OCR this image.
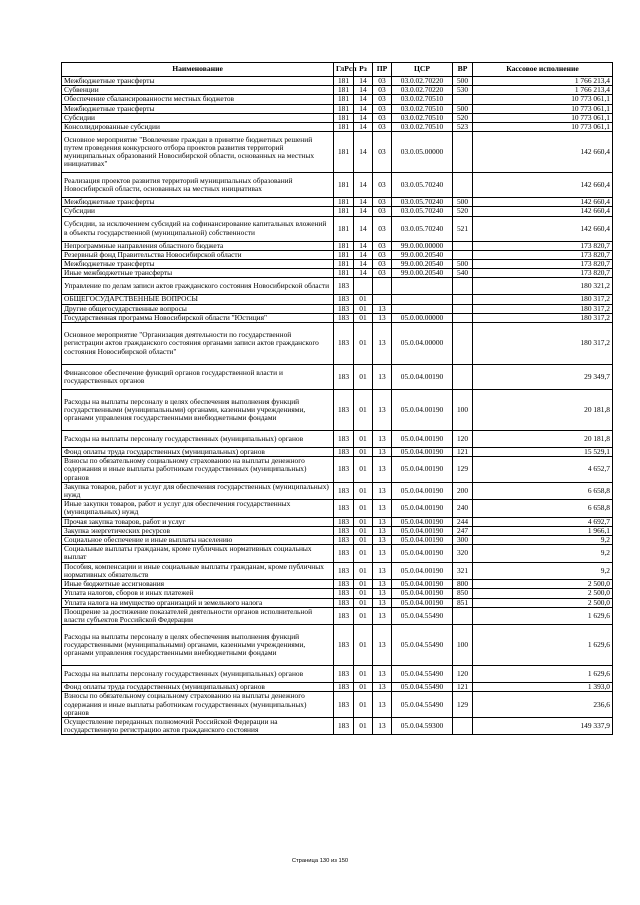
Наименование	ГлРсп	Рз	ПР	ЦСР	ВР	Кассовое исполнение
Межбюджетные трансферты	181	14	03	03.0.02.70220	500	1 766 213,4
Субвенции	181	14	03	03.0.02.70220	530	1 766 213,4
Обеспечение сбалансированности местных бюджетов	181	14	03	03.0.02.70510		10 773 061,1
Межбюджетные трансферты	181	14	03	03.0.02.70510	500	10 773 061,1
Субсидии	181	14	03	03.0.02.70510	520	10 773 061,1
Консолидированные субсидии	181	14	03	03.0.02.70510	523	10 773 061,1
Основное мероприятие "Вовлечение граждан в принятие бюджетных решений путем проведения конкурсного отбора проектов развития территорий муниципальных образований Новосибирской области, основанных на местных инициативах"	181	14	03	03.0.05.00000		142 660,4
Реализация проектов развития территорий муниципальных образований Новосибирской области, основанных на местных инициативах	181	14	03	03.0.05.70240		142 660,4
Межбюджетные трансферты	181	14	03	03.0.05.70240	500	142 660,4
Субсидии	181	14	03	03.0.05.70240	520	142 660,4
Субсидии, за исключением субсидий на софинансирование капитальных вложений в объекты государственной (муниципальной) собственности	181	14	03	03.0.05.70240	521	142 660,4
Непрограммные направления областного бюджета	181	14	03	99.0.00.00000		173 820,7
Резервный фонд Правительства Новосибирской области	181	14	03	99.0.00.20540		173 820,7
Межбюджетные трансферты	181	14	03	99.0.00.20540	500	173 820,7
Иные межбюджетные трансферты	181	14	03	99.0.00.20540	540	173 820,7
Управление по делам записи актов гражданского состояния Новосибирской области	183					180 321,2
ОБЩЕГОСУДАРСТВЕННЫЕ ВОПРОСЫ	183	01				180 317,2
Другие общегосударственные вопросы	183	01	13			180 317,2
Государственная программа Новосибирской области "Юстиция"	183	01	13	05.0.00.00000		180 317,2
Основное мероприятие "Организация деятельности по государственной регистрации актов гражданского состояния органами записи актов гражданского состояния Новосибирской области"	183	01	13	05.0.04.00000		180 317,2
Финансовое обеспечение функций органов государственной власти и государственных органов	183	01	13	05.0.04.00190		29 349,7
Расходы на выплаты персоналу в целях обеспечения выполнения функций государственными (муниципальными) органами, казенными учреждениями, органами управления государственными внебюджетными фондами	183	01	13	05.0.04.00190	100	20 181,8
Расходы на выплаты персоналу государственных (муниципальных) органов	183	01	13	05.0.04.00190	120	20 181,8
Фонд оплаты труда государственных (муниципальных) органов	183	01	13	05.0.04.00190	121	15 529,1
Взносы по обязательному социальному страхованию на выплаты денежного содержания и иные выплаты работникам государственных (муниципальных) органов	183	01	13	05.0.04.00190	129	4 652,7
Закупка товаров, работ и услуг для обеспечения государственных (муниципальных) нужд	183	01	13	05.0.04.00190	200	6 658,8
Иные закупки товаров, работ и услуг для обеспечения государственных (муниципальных) нужд	183	01	13	05.0.04.00190	240	6 658,8
Прочая закупка товаров, работ и услуг	183	01	13	05.0.04.00190	244	4 692,7
Закупка энергетических ресурсов	183	01	13	05.0.04.00190	247	1 966,1
Социальное обеспечение и иные выплаты населению	183	01	13	05.0.04.00190	300	9,2
Социальные выплаты гражданам, кроме публичных нормативных социальных выплат	183	01	13	05.0.04.00190	320	9,2
Пособия, компенсации и иные социальные выплаты гражданам, кроме публичных нормативных обязательств	183	01	13	05.0.04.00190	321	9,2
Иные бюджетные ассигнования	183	01	13	05.0.04.00190	800	2 500,0
Уплата налогов, сборов и иных платежей	183	01	13	05.0.04.00190	850	2 500,0
Уплата налога на имущество организаций и земельного налога	183	01	13	05.0.04.00190	851	2 500,0
Поощрение за достижение показателей деятельности органов исполнительной власти субъектов Российской Федерации	183	01	13	05.0.04.55490		1 629,6
Расходы на выплаты персоналу в целях обеспечения выполнения функций государственными (муниципальными) органами, казенными учреждениями, органами управления государственными внебюджетными фондами	183	01	13	05.0.04.55490	100	1 629,6
Расходы на выплаты персоналу государственных (муниципальных) органов	183	01	13	05.0.04.55490	120	1 629,6
Фонд оплаты труда государственных (муниципальных) органов	183	01	13	05.0.04.55490	121	1 393,0
Взносы по обязательному социальному страхованию на выплаты денежного содержания и иные выплаты работникам государственных (муниципальных) органов	183	01	13	05.0.04.55490	129	236,6
Осуществление переданных полномочий Российской Федерации на государственную регистрацию актов гражданского состояния	183	01	13	05.0.04.59300		149 337,9
Страница 130 из 150
